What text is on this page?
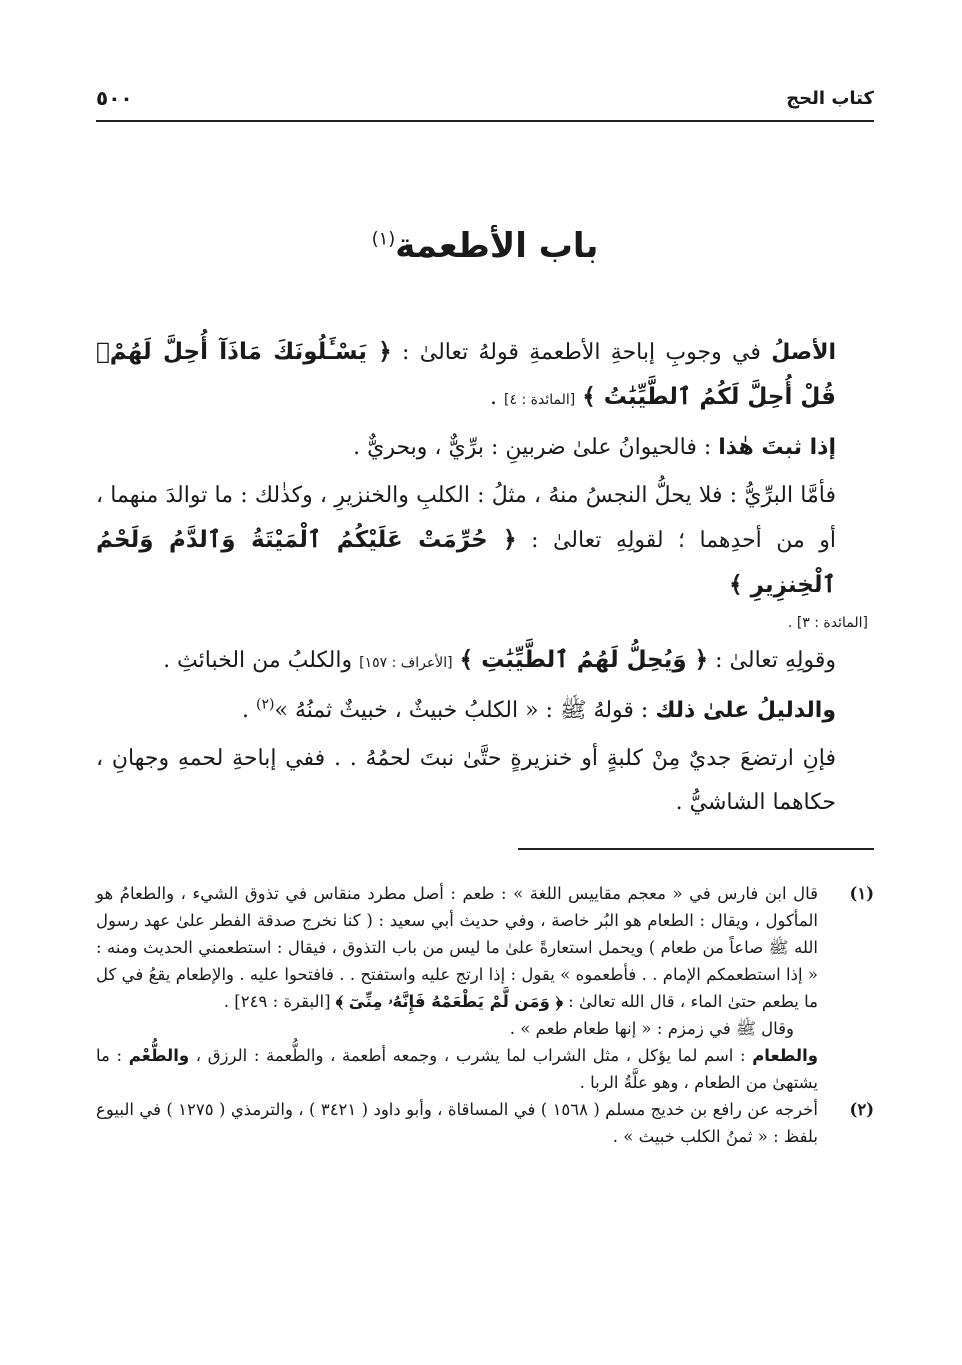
كتاب الحج
٥٠٠
باب الأطعمة$^{(١)}$

الأصلُ في وجوبِ إباحةِ الأطعمةِ قولهُ تعالىٰ : ﴿ يَسْـَٔلُونَكَ مَاذَآ أُحِلَّ لَهُمْۖ قُلْ أُحِلَّ لَكُمُ ٱلطَّيِّبَٰتُ ﴾ [المائدة : ٤] .

إذا ثبتَ هٰذا : فالحيوانُ علىٰ ضربينِ : برِّيٌّ ، وبحريٌّ .

فأمَّا البرِّيُّ : فلا يحلُّ النجسُ منهُ ، مثلُ : الكلبِ والخنزيرِ ، وكذٰلك : ما توالدَ منهما ، أو من أحدِهما ؛ لقولِهِ تعالىٰ : ﴿ حُرِّمَتْ عَلَيْكُمُ ٱلْمَيْتَةُ وَٱلدَّمُ وَلَحْمُ ٱلْخِنزِيرِ ﴾

[المائدة : ٣] .

وقولِهِ تعالىٰ : ﴿ وَيُحِلُّ لَهُمُ ٱلطَّيِّبَٰتِ ﴾ [الأعراف : ١٥٧] والكلبُ من الخبائثِ .

والدليلُ علىٰ ذلك : قولهُ ﷺ : « الكلبُ خبيثٌ ، خبيثٌ ثمنُهُ »$^{(٢)}$ .

فإنِ ارتضعَ جديٌ مِنْ كلبةٍ أو خنزيرةٍ حتَّىٰ نبتَ لحمُهُ . . ففي إباحةِ لحمهِ وجهانِ ، حكاهما الشاشيُّ .

(١)
قال ابن فارس في « معجم مقاييس اللغة » : طعم : أصل مطرد منقاس في تذوق الشيء ، والطعامُ هو المأكول ، ويقال : الطعام هو البُر خاصة ، وفي حديث أبي سعيد : ( كنا نخرج صدقة الفطر علىٰ عهد رسول الله ﷺ صاعاً من طعام ) ويحمل استعارةً علىٰ ما ليس من باب التذوق ، فيقال : استطعمني الحديث ومنه : « إذا استطعمكم الإمام . . فأطعموه » يقول : إذا ارتج عليه واستفتح . . فافتحوا عليه . والإطعام يقعُ في كل ما يطعم حتىٰ الماء ، قال الله تعالىٰ : ﴿ وَمَن لَّمْ يَطْعَمْهُ فَإِنَّهُۥ مِنِّىٓ ﴾ [البقرة : ٢٤٩] .
وقال ﷺ في زمزم : « إنها طعام طعم » .
والطعام : اسم لما يؤكل ، مثل الشراب لما يشرب ، وجمعه أطعمة ، والطُّعمة : الرزق ، والطُّعْم : ما يشتهىٰ من الطعام ، وهو علَّةُ الربا .
(٢)
أخرجه عن رافع بن خديج مسلم ( ١٥٦٨ ) في المساقاة ، وأبو داود ( ٣٤٢١ ) ، والترمذي ( ١٢٧٥ ) في البيوع بلفظ : « ثمنُ الكلب خبيث » .
